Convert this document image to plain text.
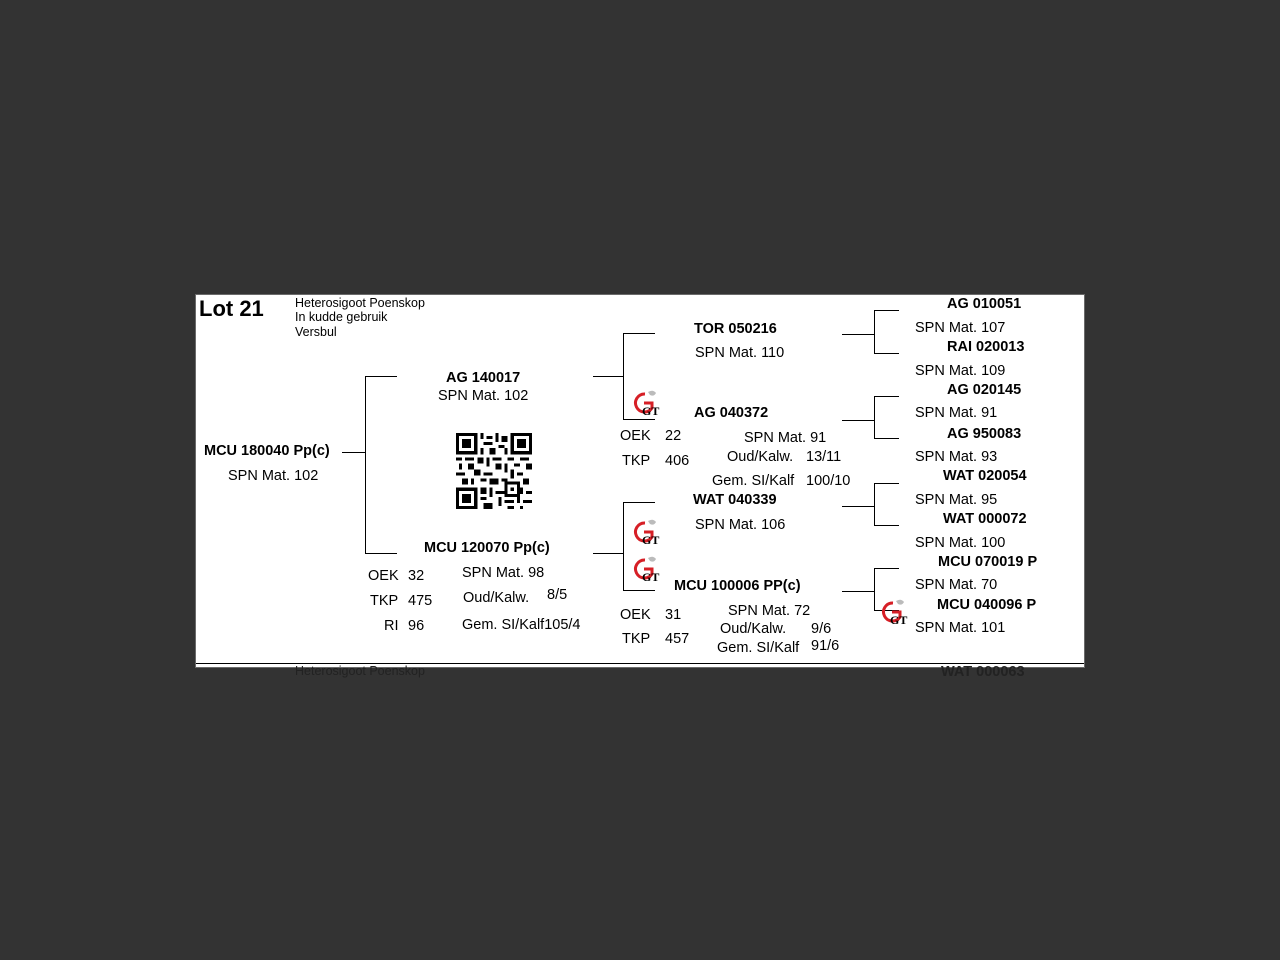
Lot 21 Heterosigoot Poenskop
In kudde gebruik
Versbul
MCU 180040 Pp(c)
SPN Mat. 102
AG 140017
SPN Mat. 102
MCU 120070 Pp(c)
OEK 32
TKP 475
RI 96
SPN Mat. 98
Oud/Kalw. 8/5
Gem. SI/Kalf105/4
TOR 050216
SPN Mat. 110
AG 040372
OEK 22
TKP 406
SPN Mat. 91
Oud/Kalw. 13/11
Gem. SI/Kalf 100/10
WAT 040339
SPN Mat. 106
MCU 100006 PP(c)
OEK 31
TKP 457
SPN Mat. 72
Oud/Kalw. 9/6
Gem. SI/Kalf 91/6
AG 010051
SPN Mat. 107
RAI 020013
SPN Mat. 109
AG 020145
SPN Mat. 91
AG 950083
SPN Mat. 93
WAT 020054
SPN Mat. 95
WAT 000072
SPN Mat. 100
MCU 070019 P
SPN Mat. 70
MCU 040096 P
SPN Mat. 101
GT
GT
GT
GT
Heterosigoot Poenskop	WAT 000063
